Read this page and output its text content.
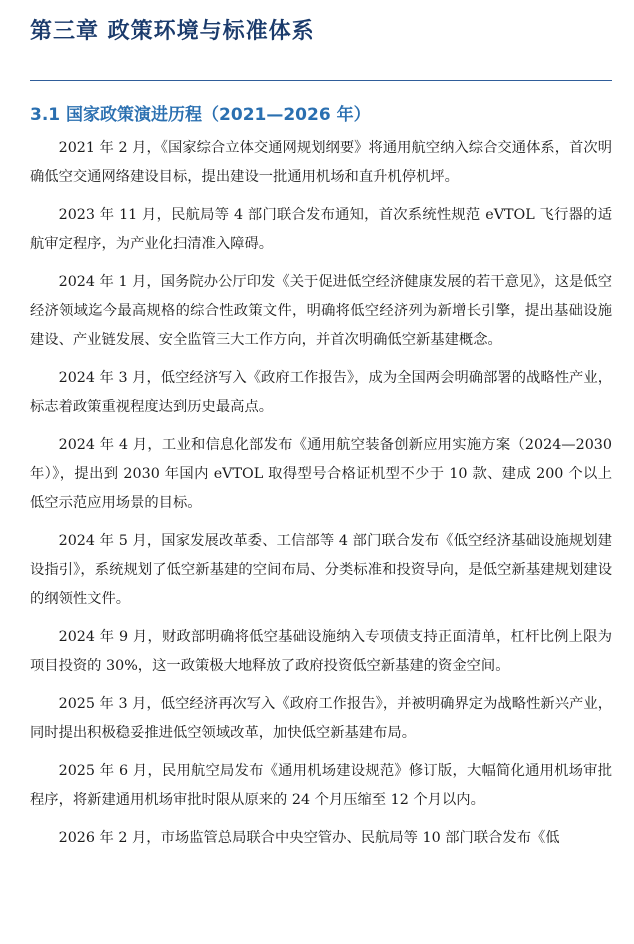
第三章 政策环境与标准体系
3.1 国家政策演进历程（2021—2026 年）

2021 年 2 月，《国家综合立体交通网规划纲要》将通用航空纳入综合交通体系，首次明确低空交通网络建设目标，提出建设一批通用机场和直升机停机坪。

2023 年 11 月，民航局等 4 部门联合发布通知，首次系统性规范 eVTOL 飞行器的适航审定程序，为产业化扫清准入障碍。

2024 年 1 月，国务院办公厅印发《关于促进低空经济健康发展的若干意见》，这是低空经济领域迄今最高规格的综合性政策文件，明确将低空经济列为新增长引擎，提出基础设施建设、产业链发展、安全监管三大工作方向，并首次明确低空新基建概念。

2024 年 3 月，低空经济写入《政府工作报告》，成为全国两会明确部署的战略性产业，标志着政策重视程度达到历史最高点。

2024 年 4 月，工业和信息化部发布《通用航空装备创新应用实施方案（2024—2030 年）》，提出到 2030 年国内 eVTOL 取得型号合格证机型不少于 10 款、建成 200 个以上低空示范应用场景的目标。

2024 年 5 月，国家发展改革委、工信部等 4 部门联合发布《低空经济基础设施规划建设指引》，系统规划了低空新基建的空间布局、分类标准和投资导向，是低空新基建规划建设的纲领性文件。

2024 年 9 月，财政部明确将低空基础设施纳入专项债支持正面清单，杠杆比例上限为项目投资的 30%，这一政策极大地释放了政府投资低空新基建的资金空间。

2025 年 3 月，低空经济再次写入《政府工作报告》，并被明确界定为战略性新兴产业，同时提出积极稳妥推进低空领域改革，加快低空新基建布局。

2025 年 6 月，民用航空局发布《通用机场建设规范》修订版，大幅简化通用机场审批程序，将新建通用机场审批时限从原来的 24 个月压缩至 12 个月以内。

2026 年 2 月，市场监管总局联合中央空管办、民航局等 10 部门联合发布《低
